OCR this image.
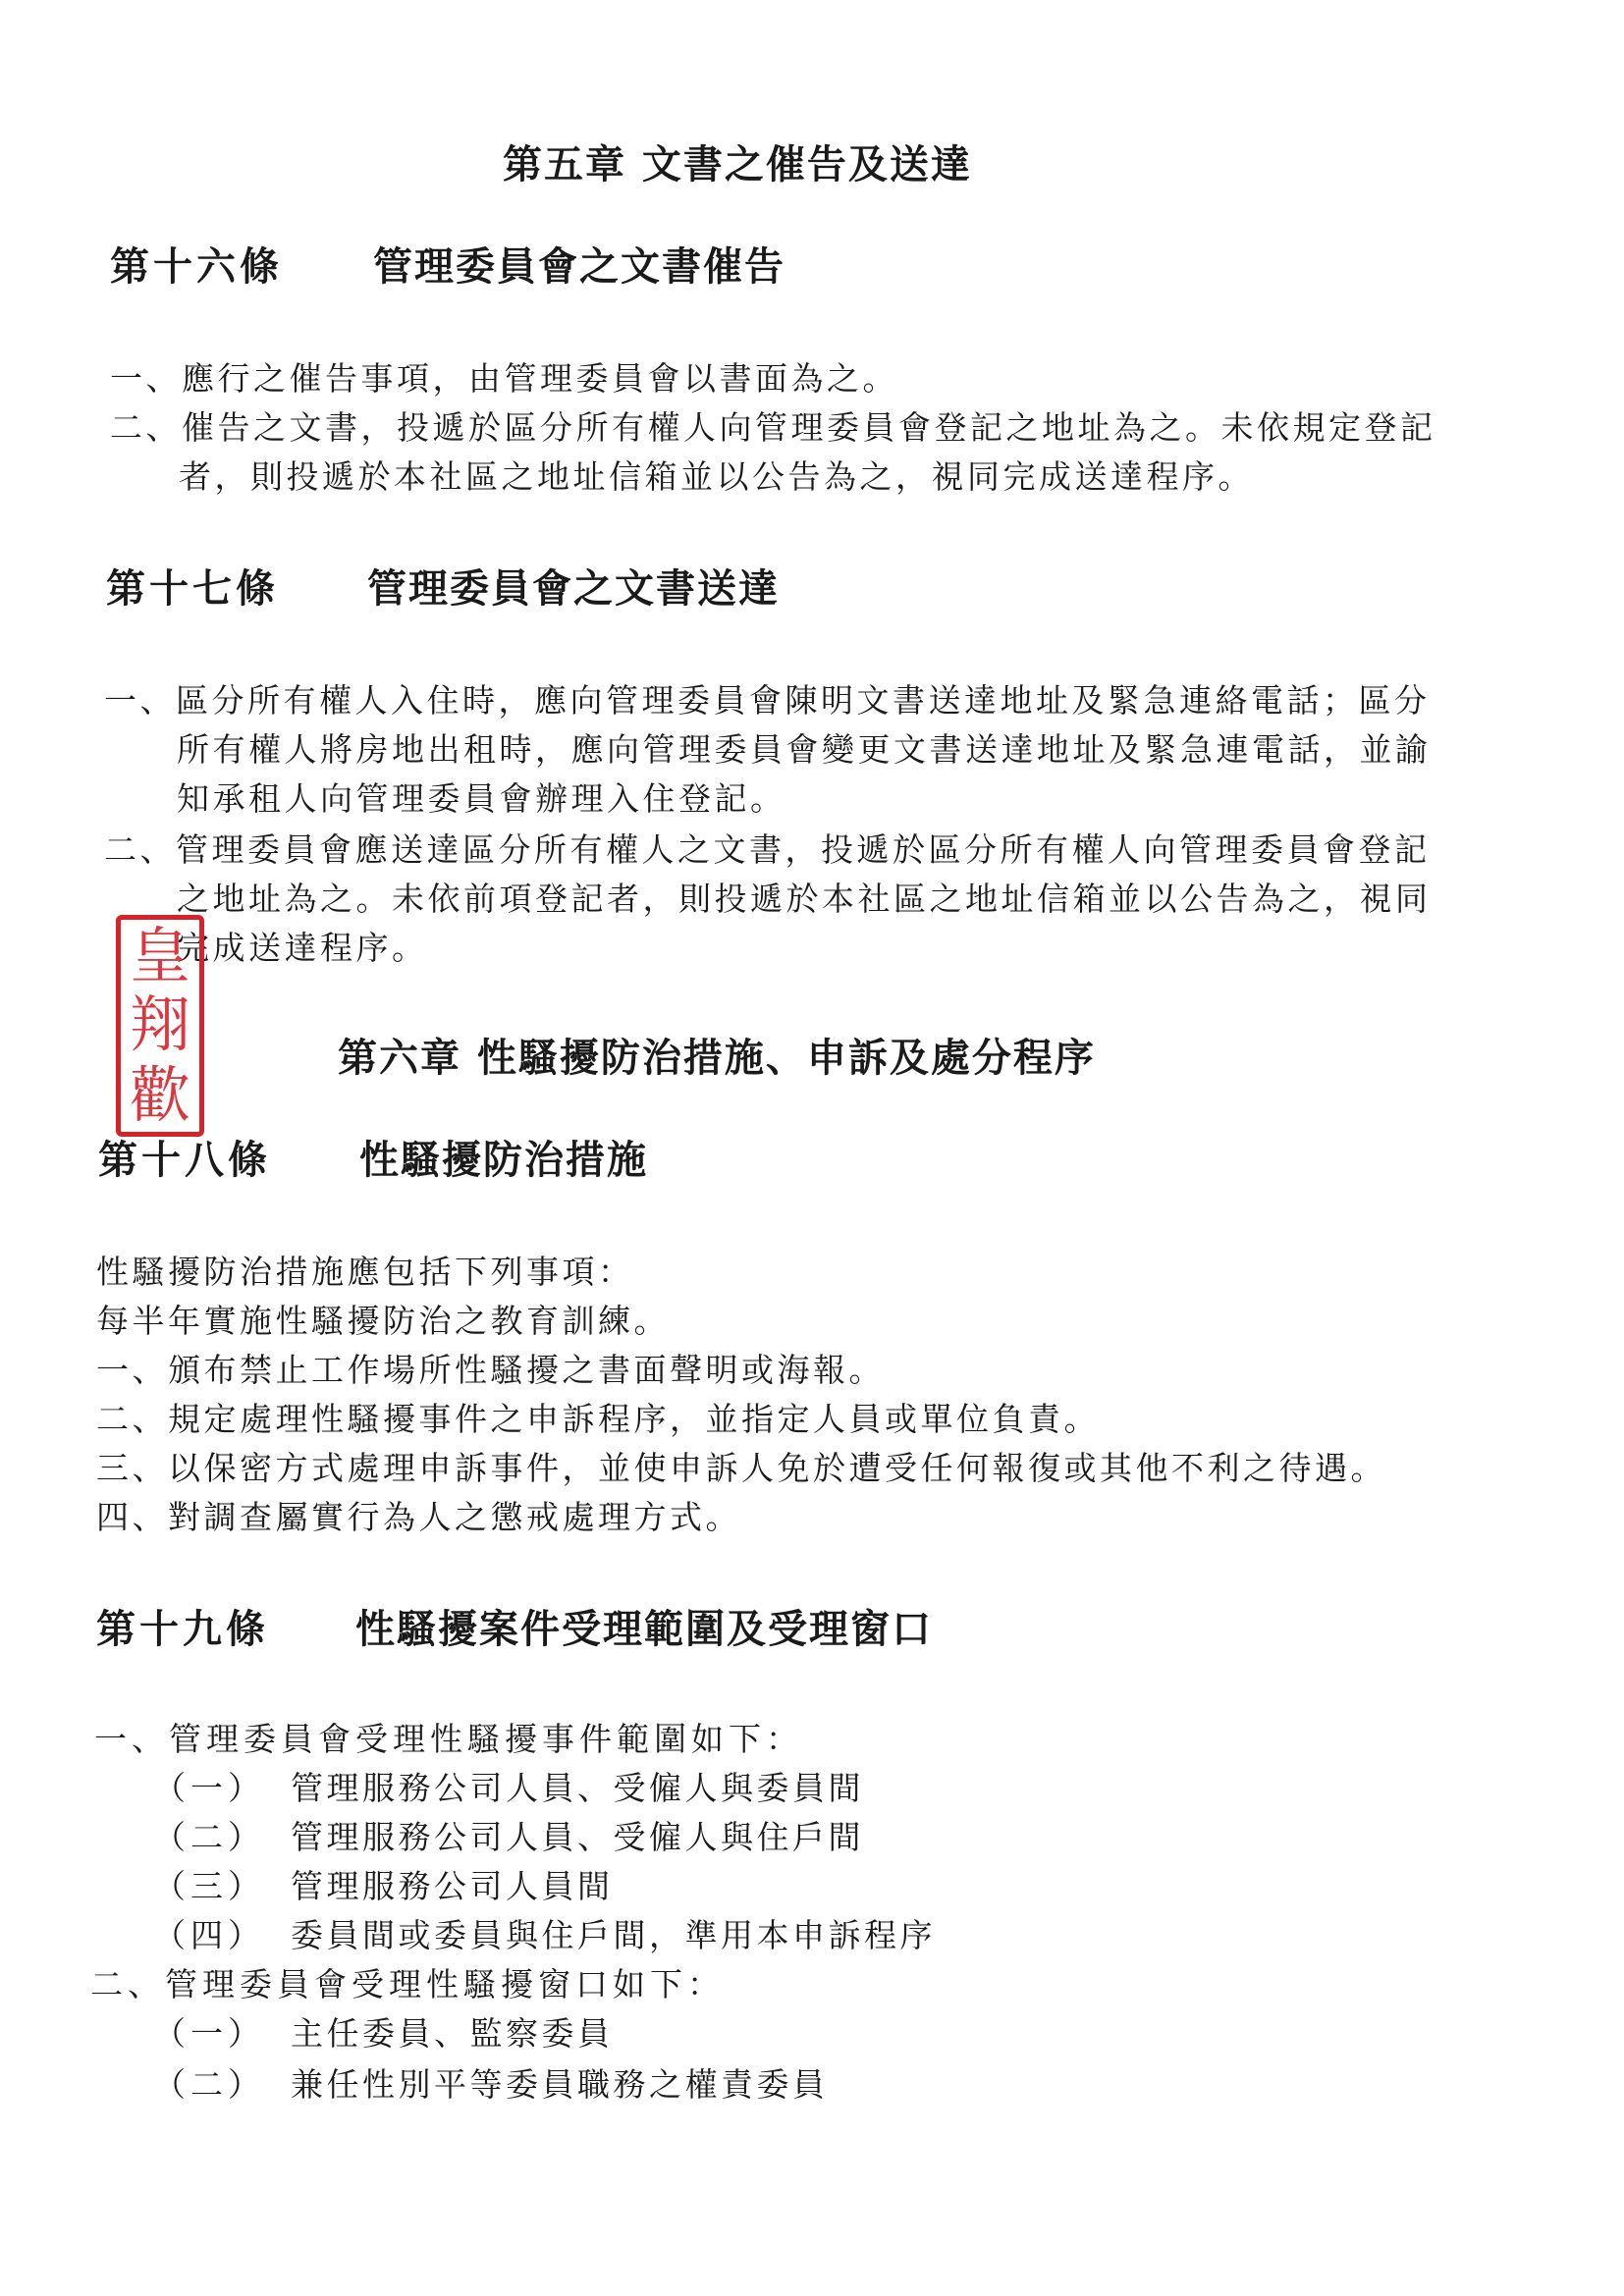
第五章 文書之催告及送達
第十六條 管理委員會之文書催告
一、應行之催告事項，由管理委員會以書面為之。
二、催告之文書，投遞於區分所有權人向管理委員會登記之地址為之。未依規定登記
者，則投遞於本社區之地址信箱並以公告為之，視同完成送達程序。
第十七條 管理委員會之文書送達
一、區分所有權人入住時，應向管理委員會陳明文書送達地址及緊急連絡電話；區分
所有權人將房地出租時，應向管理委員會變更文書送達地址及緊急連電話，並諭
知承租人向管理委員會辦理入住登記。
二、管理委員會應送達區分所有權人之文書，投遞於區分所有權人向管理委員會登記
之地址為之。未依前項登記者，則投遞於本社區之地址信箱並以公告為之，視同
完成送達程序。
皇
翔
歡
第六章 性騷擾防治措施、申訴及處分程序
第十八條 性騷擾防治措施
性騷擾防治措施應包括下列事項：
每半年實施性騷擾防治之教育訓練。
一、頒布禁止工作場所性騷擾之書面聲明或海報。
二、規定處理性騷擾事件之申訴程序，並指定人員或單位負責。
三、以保密方式處理申訴事件，並使申訴人免於遭受任何報復或其他不利之待遇。
四、對調查屬實行為人之懲戒處理方式。
第十九條 性騷擾案件受理範圍及受理窗口
一、管理委員會受理性騷擾事件範圍如下：
（一） 管理服務公司人員、受僱人與委員間
（二） 管理服務公司人員、受僱人與住戶間
（三） 管理服務公司人員間
（四） 委員間或委員與住戶間，準用本申訴程序
二、管理委員會受理性騷擾窗口如下：
（一） 主任委員、監察委員
（二） 兼任性別平等委員職務之權責委員
